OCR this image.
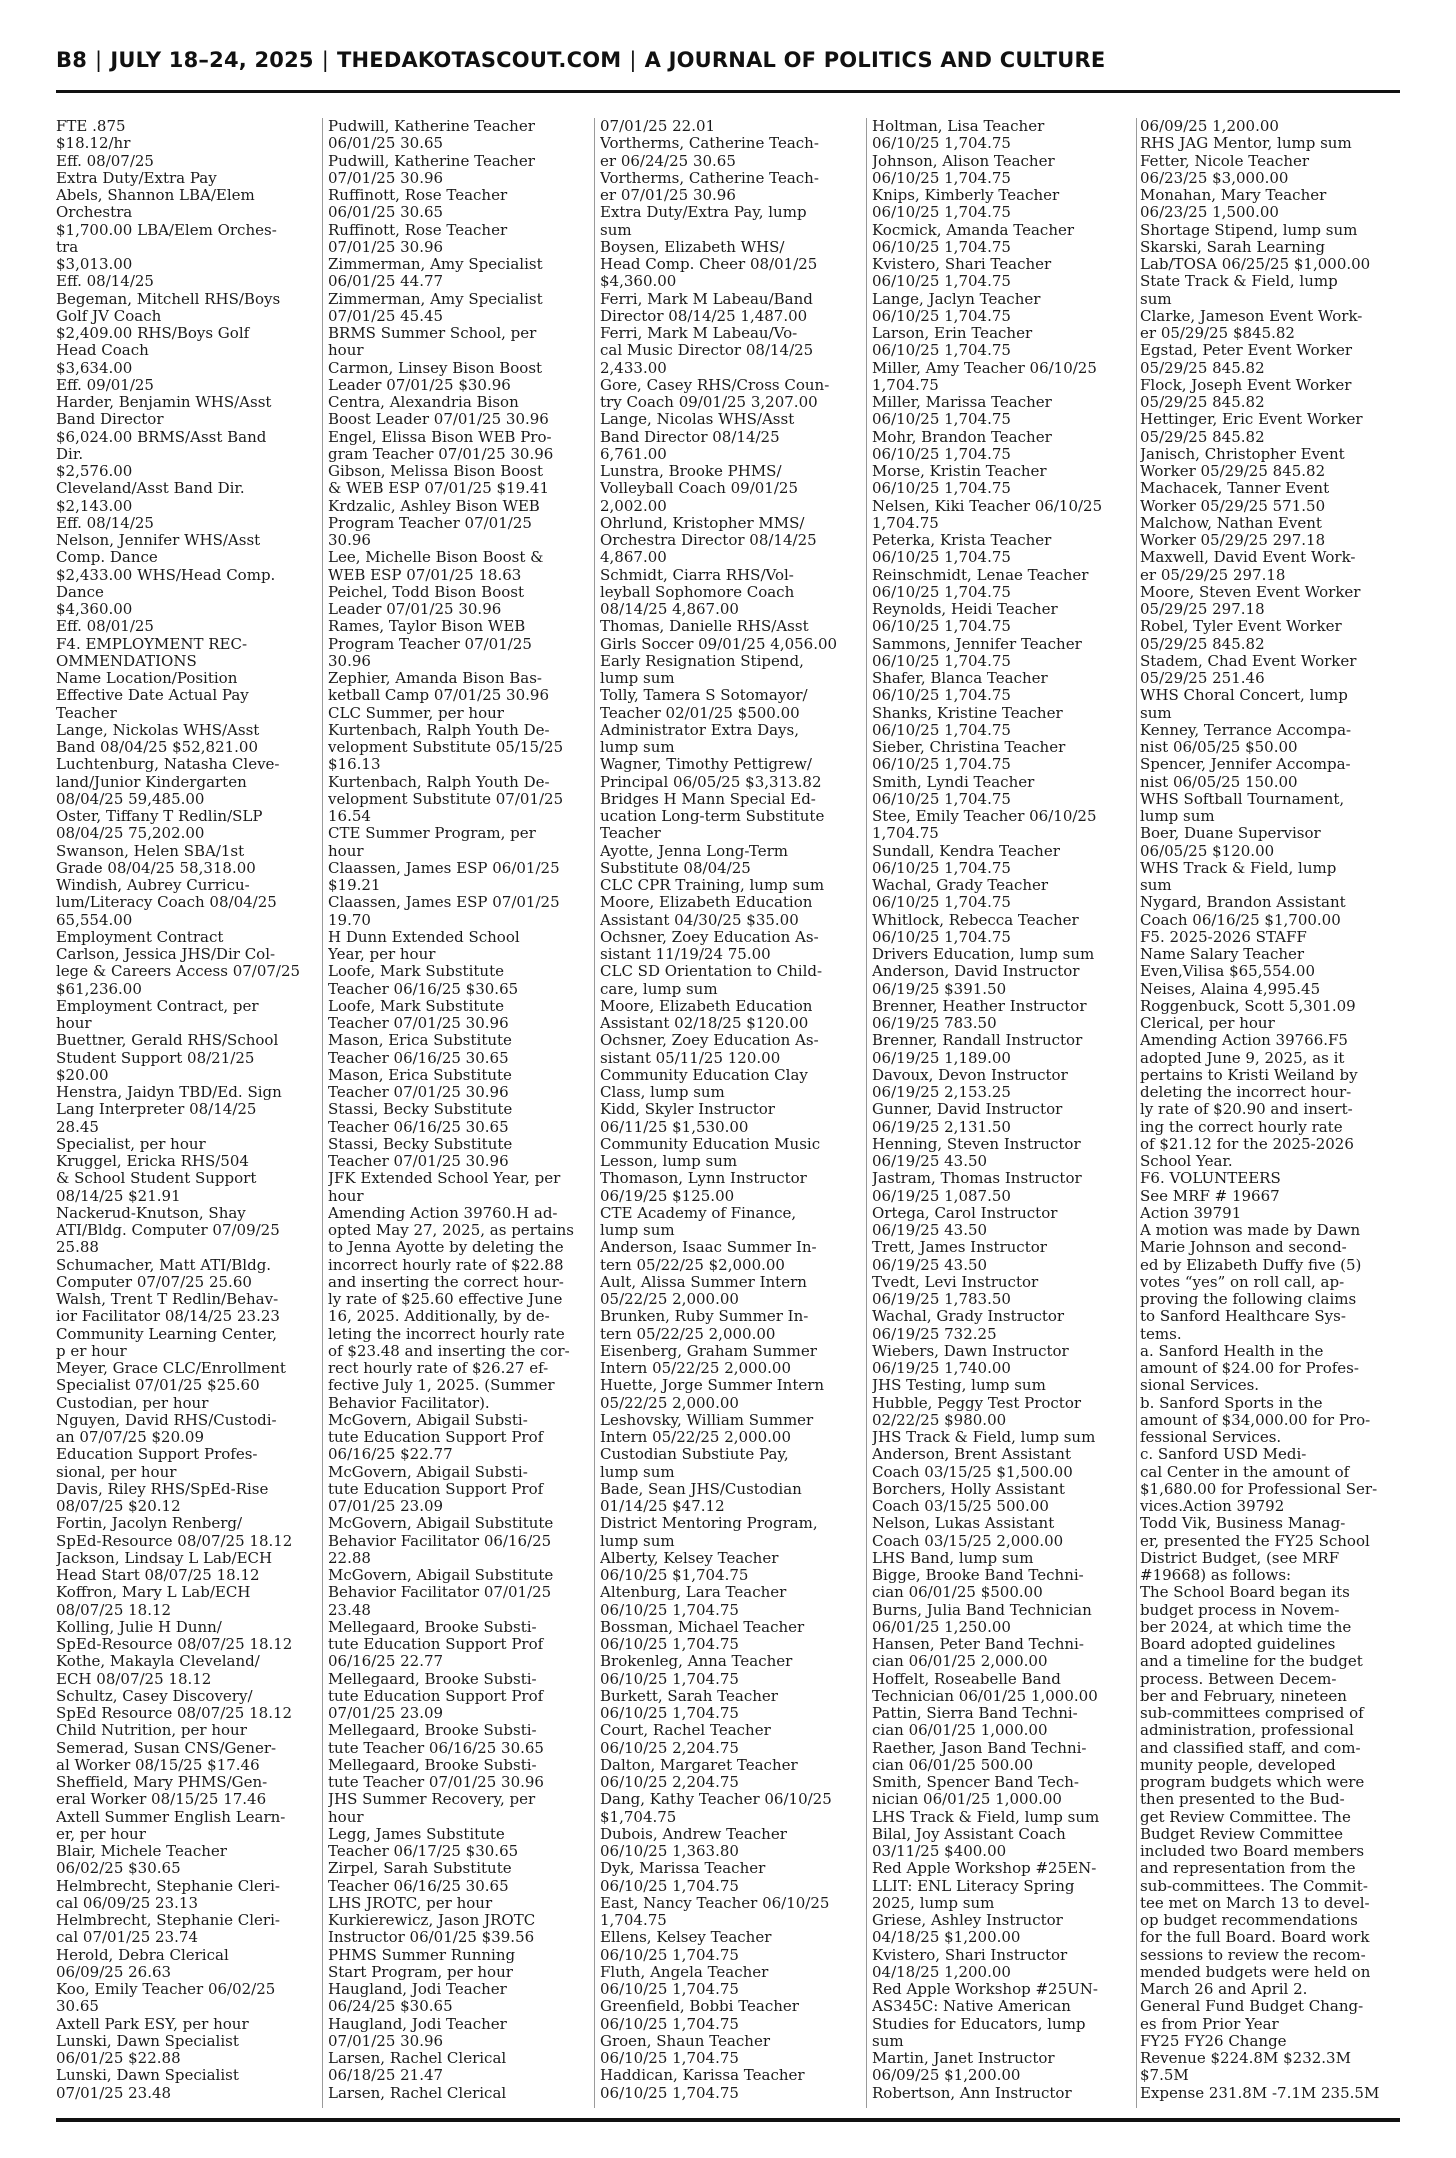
B8 | JULY 18–24, 2025 | THEDAKOTASCOUT.COM | A JOURNAL OF POLITICS AND CULTURE
FTE .875
$18.12/hr
Eff. 08/07/25
Extra Duty/Extra Pay
Abels, Shannon LBA/Elem
Orchestra
$1,700.00 LBA/Elem Orches-
tra
$3,013.00
Eff. 08/14/25
Begeman, Mitchell RHS/Boys
Golf JV Coach
$2,409.00 RHS/Boys Golf
Head Coach
$3,634.00
Eff. 09/01/25
Harder, Benjamin WHS/Asst
Band Director
$6,024.00 BRMS/Asst Band
Dir.
$2,576.00
Cleveland/Asst Band Dir.
$2,143.00
Eff. 08/14/25
Nelson, Jennifer WHS/Asst
Comp. Dance
$2,433.00 WHS/Head Comp.
Dance
$4,360.00
Eff. 08/01/25
F4. EMPLOYMENT REC-
OMMENDATIONS
Name Location/Position
Effective Date Actual Pay
Teacher
Lange, Nickolas WHS/Asst
Band 08/04/25 $52,821.00
Luchtenburg, Natasha Cleve-
land/Junior Kindergarten
08/04/25 59,485.00
Oster, Tiffany T Redlin/SLP
08/04/25 75,202.00
Swanson, Helen SBA/1st
Grade 08/04/25 58,318.00
Windish, Aubrey Curricu-
lum/Literacy Coach 08/04/25
65,554.00
Employment Contract
Carlson, Jessica JHS/Dir Col-
lege & Careers Access 07/07/25
$61,236.00
Employment Contract, per
hour
Buettner, Gerald RHS/School
Student Support 08/21/25
$20.00
Henstra, Jaidyn TBD/Ed. Sign
Lang Interpreter 08/14/25
28.45
Specialist, per hour
Kruggel, Ericka RHS/504
& School Student Support
08/14/25 $21.91
Nackerud-Knutson, Shay
ATI/Bldg. Computer 07/09/25
25.88
Schumacher, Matt ATI/Bldg.
Computer 07/07/25 25.60
Walsh, Trent T Redlin/Behav-
ior Facilitator 08/14/25 23.23
Community Learning Center,
p er hour
Meyer, Grace CLC/Enrollment
Specialist 07/01/25 $25.60
Custodian, per hour
Nguyen, David RHS/Custodi-
an 07/07/25 $20.09
Education Support Profes-
sional, per hour
Davis, Riley RHS/SpEd-Rise
08/07/25 $20.12
Fortin, Jacolyn Renberg/
SpEd-Resource 08/07/25 18.12
Jackson, Lindsay L Lab/ECH
Head Start 08/07/25 18.12
Koffron, Mary L Lab/ECH
08/07/25 18.12
Kolling, Julie H Dunn/
SpEd-Resource 08/07/25 18.12
Kothe, Makayla Cleveland/
ECH 08/07/25 18.12
Schultz, Casey Discovery/
SpEd Resource 08/07/25 18.12
Child Nutrition, per hour
Semerad, Susan CNS/Gener-
al Worker 08/15/25 $17.46
Sheffield, Mary PHMS/Gen-
eral Worker 08/15/25 17.46
Axtell Summer English Learn-
er, per hour
Blair, Michele Teacher
06/02/25 $30.65
Helmbrecht, Stephanie Cleri-
cal 06/09/25 23.13
Helmbrecht, Stephanie Cleri-
cal 07/01/25 23.74
Herold, Debra Clerical
06/09/25 26.63
Koo, Emily Teacher 06/02/25
30.65
Axtell Park ESY, per hour
Lunski, Dawn Specialist
06/01/25 $22.88
Lunski, Dawn Specialist
07/01/25 23.48
Pudwill, Katherine Teacher
06/01/25 30.65
Pudwill, Katherine Teacher
07/01/25 30.96
Ruffinott, Rose Teacher
06/01/25 30.65
Ruffinott, Rose Teacher
07/01/25 30.96
Zimmerman, Amy Specialist
06/01/25 44.77
Zimmerman, Amy Specialist
07/01/25 45.45
BRMS Summer School, per
hour
Carmon, Linsey Bison Boost
Leader 07/01/25 $30.96
Centra, Alexandria Bison
Boost Leader 07/01/25 30.96
Engel, Elissa Bison WEB Pro-
gram Teacher 07/01/25 30.96
Gibson, Melissa Bison Boost
& WEB ESP 07/01/25 $19.41
Krdzalic, Ashley Bison WEB
Program Teacher 07/01/25
30.96
Lee, Michelle Bison Boost &
WEB ESP 07/01/25 18.63
Peichel, Todd Bison Boost
Leader 07/01/25 30.96
Rames, Taylor Bison WEB
Program Teacher 07/01/25
30.96
Zephier, Amanda Bison Bas-
ketball Camp 07/01/25 30.96
CLC Summer, per hour
Kurtenbach, Ralph Youth De-
velopment Substitute 05/15/25
$16.13
Kurtenbach, Ralph Youth De-
velopment Substitute 07/01/25
16.54
CTE Summer Program, per
hour
Claassen, James ESP 06/01/25
$19.21
Claassen, James ESP 07/01/25
19.70
H Dunn Extended School
Year, per hour
Loofe, Mark Substitute
Teacher 06/16/25 $30.65
Loofe, Mark Substitute
Teacher 07/01/25 30.96
Mason, Erica Substitute
Teacher 06/16/25 30.65
Mason, Erica Substitute
Teacher 07/01/25 30.96
Stassi, Becky Substitute
Teacher 06/16/25 30.65
Stassi, Becky Substitute
Teacher 07/01/25 30.96
JFK Extended School Year, per
hour
Amending Action 39760.H ad-
opted May 27, 2025, as pertains
to Jenna Ayotte by deleting the
incorrect hourly rate of $22.88
and inserting the correct hour-
ly rate of $25.60 effective June
16, 2025. Additionally, by de-
leting the incorrect hourly rate
of $23.48 and inserting the cor-
rect hourly rate of $26.27 ef-
fective July 1, 2025. (Summer
Behavior Facilitator).
McGovern, Abigail Substi-
tute Education Support Prof
06/16/25 $22.77
McGovern, Abigail Substi-
tute Education Support Prof
07/01/25 23.09
McGovern, Abigail Substitute
Behavior Facilitator 06/16/25
22.88
McGovern, Abigail Substitute
Behavior Facilitator 07/01/25
23.48
Mellegaard, Brooke Substi-
tute Education Support Prof
06/16/25 22.77
Mellegaard, Brooke Substi-
tute Education Support Prof
07/01/25 23.09
Mellegaard, Brooke Substi-
tute Teacher 06/16/25 30.65
Mellegaard, Brooke Substi-
tute Teacher 07/01/25 30.96
JHS Summer Recovery, per
hour
Legg, James Substitute
Teacher 06/17/25 $30.65
Zirpel, Sarah Substitute
Teacher 06/16/25 30.65
LHS JROTC, per hour
Kurkierewicz, Jason JROTC
Instructor 06/01/25 $39.56
PHMS Summer Running
Start Program, per hour
Haugland, Jodi Teacher
06/24/25 $30.65
Haugland, Jodi Teacher
07/01/25 30.96
Larsen, Rachel Clerical
06/18/25 21.47
Larsen, Rachel Clerical
07/01/25 22.01
Vortherms, Catherine Teach-
er 06/24/25 30.65
Vortherms, Catherine Teach-
er 07/01/25 30.96
Extra Duty/Extra Pay, lump
sum
Boysen, Elizabeth WHS/
Head Comp. Cheer 08/01/25
$4,360.00
Ferri, Mark M Labeau/Band
Director 08/14/25 1,487.00
Ferri, Mark M Labeau/Vo-
cal Music Director 08/14/25
2,433.00
Gore, Casey RHS/Cross Coun-
try Coach 09/01/25 3,207.00
Lange, Nicolas WHS/Asst
Band Director 08/14/25
6,761.00
Lunstra, Brooke PHMS/
Volleyball Coach 09/01/25
2,002.00
Ohrlund, Kristopher MMS/
Orchestra Director 08/14/25
4,867.00
Schmidt, Ciarra RHS/Vol-
leyball Sophomore Coach
08/14/25 4,867.00
Thomas, Danielle RHS/Asst
Girls Soccer 09/01/25 4,056.00
Early Resignation Stipend,
lump sum
Tolly, Tamera S Sotomayor/
Teacher 02/01/25 $500.00
Administrator Extra Days,
lump sum
Wagner, Timothy Pettigrew/
Principal 06/05/25 $3,313.82
Bridges H Mann Special Ed-
ucation Long-term Substitute
Teacher
Ayotte, Jenna Long-Term
Substitute 08/04/25
CLC CPR Training, lump sum
Moore, Elizabeth Education
Assistant 04/30/25 $35.00
Ochsner, Zoey Education As-
sistant 11/19/24 75.00
CLC SD Orientation to Child-
care, lump sum
Moore, Elizabeth Education
Assistant 02/18/25 $120.00
Ochsner, Zoey Education As-
sistant 05/11/25 120.00
Community Education Clay
Class, lump sum
Kidd, Skyler Instructor
06/11/25 $1,530.00
Community Education Music
Lesson, lump sum
Thomason, Lynn Instructor
06/19/25 $125.00
CTE Academy of Finance,
lump sum
Anderson, Isaac Summer In-
tern 05/22/25 $2,000.00
Ault, Alissa Summer Intern
05/22/25 2,000.00
Brunken, Ruby Summer In-
tern 05/22/25 2,000.00
Eisenberg, Graham Summer
Intern 05/22/25 2,000.00
Huette, Jorge Summer Intern
05/22/25 2,000.00
Leshovsky, William Summer
Intern 05/22/25 2,000.00
Custodian Substiute Pay,
lump sum
Bade, Sean JHS/Custodian
01/14/25 $47.12
District Mentoring Program,
lump sum
Alberty, Kelsey Teacher
06/10/25 $1,704.75
Altenburg, Lara Teacher
06/10/25 1,704.75
Bossman, Michael Teacher
06/10/25 1,704.75
Brokenleg, Anna Teacher
06/10/25 1,704.75
Burkett, Sarah Teacher
06/10/25 1,704.75
Court, Rachel Teacher
06/10/25 2,204.75
Dalton, Margaret Teacher
06/10/25 2,204.75
Dang, Kathy Teacher 06/10/25
$1,704.75
Dubois, Andrew Teacher
06/10/25 1,363.80
Dyk, Marissa Teacher
06/10/25 1,704.75
East, Nancy Teacher 06/10/25
1,704.75
Ellens, Kelsey Teacher
06/10/25 1,704.75
Fluth, Angela Teacher
06/10/25 1,704.75
Greenfield, Bobbi Teacher
06/10/25 1,704.75
Groen, Shaun Teacher
06/10/25 1,704.75
Haddican, Karissa Teacher
06/10/25 1,704.75
Holtman, Lisa Teacher
06/10/25 1,704.75
Johnson, Alison Teacher
06/10/25 1,704.75
Knips, Kimberly Teacher
06/10/25 1,704.75
Kocmick, Amanda Teacher
06/10/25 1,704.75
Kvistero, Shari Teacher
06/10/25 1,704.75
Lange, Jaclyn Teacher
06/10/25 1,704.75
Larson, Erin Teacher
06/10/25 1,704.75
Miller, Amy Teacher 06/10/25
1,704.75
Miller, Marissa Teacher
06/10/25 1,704.75
Mohr, Brandon Teacher
06/10/25 1,704.75
Morse, Kristin Teacher
06/10/25 1,704.75
Nelsen, Kiki Teacher 06/10/25
1,704.75
Peterka, Krista Teacher
06/10/25 1,704.75
Reinschmidt, Lenae Teacher
06/10/25 1,704.75
Reynolds, Heidi Teacher
06/10/25 1,704.75
Sammons, Jennifer Teacher
06/10/25 1,704.75
Shafer, Blanca Teacher
06/10/25 1,704.75
Shanks, Kristine Teacher
06/10/25 1,704.75
Sieber, Christina Teacher
06/10/25 1,704.75
Smith, Lyndi Teacher
06/10/25 1,704.75
Stee, Emily Teacher 06/10/25
1,704.75
Sundall, Kendra Teacher
06/10/25 1,704.75
Wachal, Grady Teacher
06/10/25 1,704.75
Whitlock, Rebecca Teacher
06/10/25 1,704.75
Drivers Education, lump sum
Anderson, David Instructor
06/19/25 $391.50
Brenner, Heather Instructor
06/19/25 783.50
Brenner, Randall Instructor
06/19/25 1,189.00
Davoux, Devon Instructor
06/19/25 2,153.25
Gunner, David Instructor
06/19/25 2,131.50
Henning, Steven Instructor
06/19/25 43.50
Jastram, Thomas Instructor
06/19/25 1,087.50
Ortega, Carol Instructor
06/19/25 43.50
Trett, James Instructor
06/19/25 43.50
Tvedt, Levi Instructor
06/19/25 1,783.50
Wachal, Grady Instructor
06/19/25 732.25
Wiebers, Dawn Instructor
06/19/25 1,740.00
JHS Testing, lump sum
Hubble, Peggy Test Proctor
02/22/25 $980.00
JHS Track & Field, lump sum
Anderson, Brent Assistant
Coach 03/15/25 $1,500.00
Borchers, Holly Assistant
Coach 03/15/25 500.00
Nelson, Lukas Assistant
Coach 03/15/25 2,000.00
LHS Band, lump sum
Bigge, Brooke Band Techni-
cian 06/01/25 $500.00
Burns, Julia Band Technician
06/01/25 1,250.00
Hansen, Peter Band Techni-
cian 06/01/25 2,000.00
Hoffelt, Roseabelle Band
Technician 06/01/25 1,000.00
Pattin, Sierra Band Techni-
cian 06/01/25 1,000.00
Raether, Jason Band Techni-
cian 06/01/25 500.00
Smith, Spencer Band Tech-
nician 06/01/25 1,000.00
LHS Track & Field, lump sum
Bilal, Joy Assistant Coach
03/11/25 $400.00
Red Apple Workshop #25EN-
LLIT: ENL Literacy Spring
2025, lump sum
Griese, Ashley Instructor
04/18/25 $1,200.00
Kvistero, Shari Instructor
04/18/25 1,200.00
Red Apple Workshop #25UN-
AS345C: Native American
Studies for Educators, lump
sum
Martin, Janet Instructor
06/09/25 $1,200.00
Robertson, Ann Instructor
06/09/25 1,200.00
RHS JAG Mentor, lump sum
Fetter, Nicole Teacher
06/23/25 $3,000.00
Monahan, Mary Teacher
06/23/25 1,500.00
Shortage Stipend, lump sum
Skarski, Sarah Learning
Lab/TOSA 06/25/25 $1,000.00
State Track & Field, lump
sum
Clarke, Jameson Event Work-
er 05/29/25 $845.82
Egstad, Peter Event Worker
05/29/25 845.82
Flock, Joseph Event Worker
05/29/25 845.82
Hettinger, Eric Event Worker
05/29/25 845.82
Janisch, Christopher Event
Worker 05/29/25 845.82
Machacek, Tanner Event
Worker 05/29/25 571.50
Malchow, Nathan Event
Worker 05/29/25 297.18
Maxwell, David Event Work-
er 05/29/25 297.18
Moore, Steven Event Worker
05/29/25 297.18
Robel, Tyler Event Worker
05/29/25 845.82
Stadem, Chad Event Worker
05/29/25 251.46
WHS Choral Concert, lump
sum
Kenney, Terrance Accompa-
nist 06/05/25 $50.00
Spencer, Jennifer Accompa-
nist 06/05/25 150.00
WHS Softball Tournament,
lump sum
Boer, Duane Supervisor
06/05/25 $120.00
WHS Track & Field, lump
sum
Nygard, Brandon Assistant
Coach 06/16/25 $1,700.00
F5. 2025-2026 STAFF
Name Salary Teacher
Even,Vilisa $65,554.00
Neises, Alaina 4,995.45
Roggenbuck, Scott 5,301.09
Clerical, per hour
Amending Action 39766.F5
adopted June 9, 2025, as it
pertains to Kristi Weiland by
deleting the incorrect hour-
ly rate of $20.90 and insert-
ing the correct hourly rate
of $21.12 for the 2025-2026
School Year.
F6. VOLUNTEERS
See MRF # 19667
Action 39791
A motion was made by Dawn
Marie Johnson and second-
ed by Elizabeth Duffy five (5)
votes “yes” on roll call, ap-
proving the following claims
to Sanford Healthcare Sys-
tems.
a. Sanford Health in the
amount of $24.00 for Profes-
sional Services.
b. Sanford Sports in the
amount of $34,000.00 for Pro-
fessional Services.
c. Sanford USD Medi-
cal Center in the amount of
$1,680.00 for Professional Ser-
vices.Action 39792
Todd Vik, Business Manag-
er, presented the FY25 School
District Budget, (see MRF
#19668) as follows:
The School Board began its
budget process in Novem-
ber 2024, at which time the
Board adopted guidelines
and a timeline for the budget
process. Between Decem-
ber and February, nineteen
sub-committees comprised of
administration, professional
and classified staff, and com-
munity people, developed
program budgets which were
then presented to the Bud-
get Review Committee. The
Budget Review Committee
included two Board members
and representation from the
sub-committees. The Commit-
tee met on March 13 to devel-
op budget recommendations
for the full Board. Board work
sessions to review the recom-
mended budgets were held on
March 26 and April 2.
General Fund Budget Chang-
es from Prior Year
FY25 FY26 Change
Revenue $224.8M $232.3M
$7.5M
Expense 231.8M -7.1M 235.5M
